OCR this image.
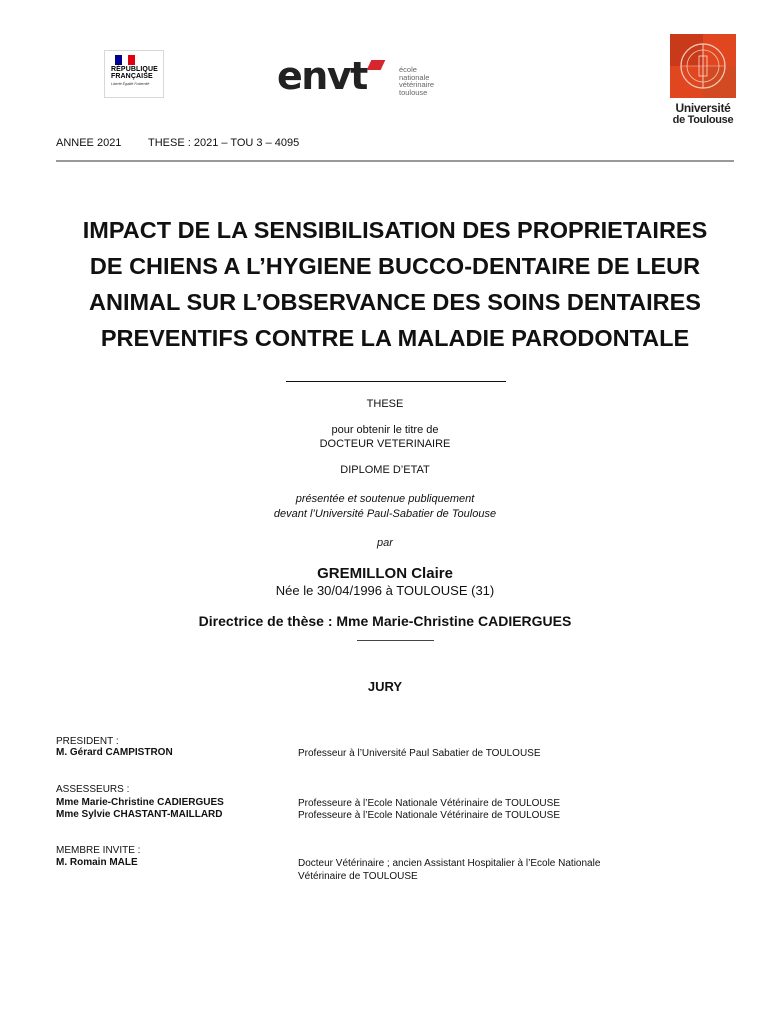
RÉPUBLIQUE
FRANÇAISE
Liberté Égalité Fraternité	envt	école
nationale
vétérinaire
toulouse
Université
de Toulouse
ANNEE 2021 THESE : 2021 – TOU 3 – 4095
IMPACT DE LA SENSIBILISATION DES PROPRIETAIRES
DE CHIENS A L’HYGIENE BUCCO-DENTAIRE DE LEUR
ANIMAL SUR L’OBSERVANCE DES SOINS DENTAIRES
PREVENTIFS CONTRE LA MALADIE PARODONTALE
THESE
pour obtenir le titre de
DOCTEUR VETERINAIRE
DIPLOME D’ETAT
présentée et soutenue publiquement
devant l’Université Paul-Sabatier de Toulouse
par
GREMILLON Claire
Née le 30/04/1996 à TOULOUSE (31)
Directrice de thèse : Mme Marie-Christine CADIERGUES
JURY
PRESIDENT :
M. Gérard CAMPISTRON	Professeur à l’Université Paul Sabatier de TOULOUSE
ASSESSEURS :
Mme Marie-Christine CADIERGUES	Professeure à l’Ecole Nationale Vétérinaire de TOULOUSE
Mme Sylvie CHASTANT-MAILLARD	Professeure à l’Ecole Nationale Vétérinaire de TOULOUSE
MEMBRE INVITE :
M. Romain MALE	Docteur Vétérinaire ; ancien Assistant Hospitalier à l’Ecole Nationale
Vétérinaire de TOULOUSE
